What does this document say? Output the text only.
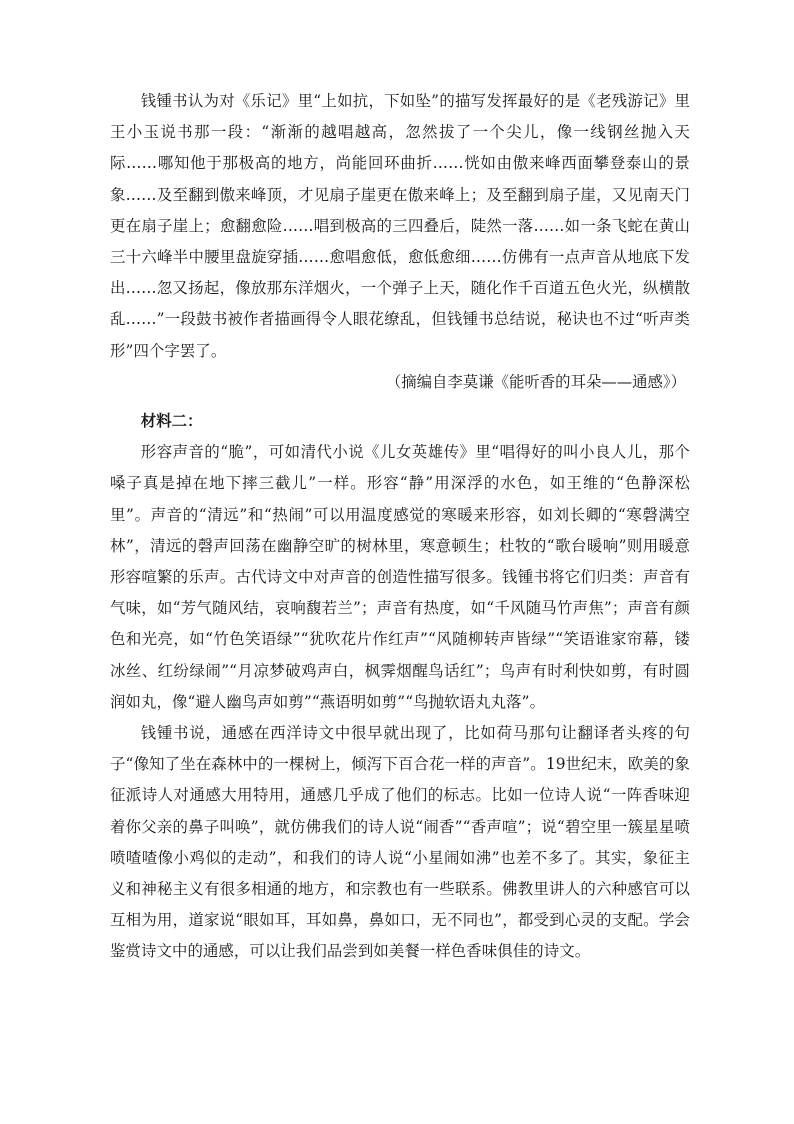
钱锺书认为对《乐记》里“上如抗，下如坠”的描写发挥最好的是《老残游记》里王小玉说书那一段：“渐渐的越唱越高，忽然拔了一个尖儿，像一线钢丝抛入天际……哪知他于那极高的地方，尚能回环曲折……恍如由傲来峰西面攀登泰山的景象……及至翻到傲来峰顶，才见扇子崖更在傲来峰上；及至翻到扇子崖，又见南天门更在扇子崖上；愈翻愈险……唱到极高的三四叠后，陡然一落……如一条飞蛇在黄山三十六峰半中腰里盘旋穿插……愈唱愈低，愈低愈细……仿佛有一点声音从地底下发出……忽又扬起，像放那东洋烟火，一个弹子上天，随化作千百道五色火光，纵横散乱……”一段鼓书被作者描画得令人眼花缭乱，但钱锺书总结说，秘诀也不过“听声类形”四个字罢了。

（摘编自李莫谦《能听香的耳朵——通感》）

材料二：

形容声音的“脆”，可如清代小说《儿女英雄传》里“唱得好的叫小良人儿，那个嗓子真是掉在地下摔三截儿”一样。形容“静”用深浮的水色，如王维的“色静深松里”。声音的“清远”和“热闹”可以用温度感觉的寒暖来形容，如刘长卿的“寒磬满空林”，清远的磬声回荡在幽静空旷的树林里，寒意顿生；杜牧的“歌台暖响”则用暖意形容喧繁的乐声。古代诗文中对声音的创造性描写很多。钱锺书将它们归类：声音有气味，如“芳气随风结，哀响馥若兰”；声音有热度，如“千风随马竹声焦”；声音有颜色和光亮，如“竹色笑语绿”“犹吹花片作红声”“风随柳转声皆绿”“笑语谁家帘幕，镂冰丝、红纷绿闹”“月凉梦破鸡声白，枫霁烟醒鸟话红”；鸟声有时利快如剪，有时圆润如丸，像“避人幽鸟声如剪”“燕语明如剪”“鸟抛软语丸丸落”。

钱锺书说，通感在西洋诗文中很早就出现了，比如荷马那句让翻译者头疼的句子“像知了坐在森林中的一棵树上，倾泻下百合花一样的声音”。19世纪末，欧美的象征派诗人对通感大用特用，通感几乎成了他们的标志。比如一位诗人说“一阵香味迎着你父亲的鼻子叫唤”，就仿佛我们的诗人说“闹香”“香声喧”；说“碧空里一簇星星喷喷喳喳像小鸡似的走动”，和我们的诗人说“小星闹如沸”也差不多了。其实，象征主义和神秘主义有很多相通的地方，和宗教也有一些联系。佛教里讲人的六种感官可以互相为用，道家说“眼如耳，耳如鼻，鼻如口，无不同也”，都受到心灵的支配。学会鉴赏诗文中的通感，可以让我们品尝到如美餐一样色香味俱佳的诗文。
